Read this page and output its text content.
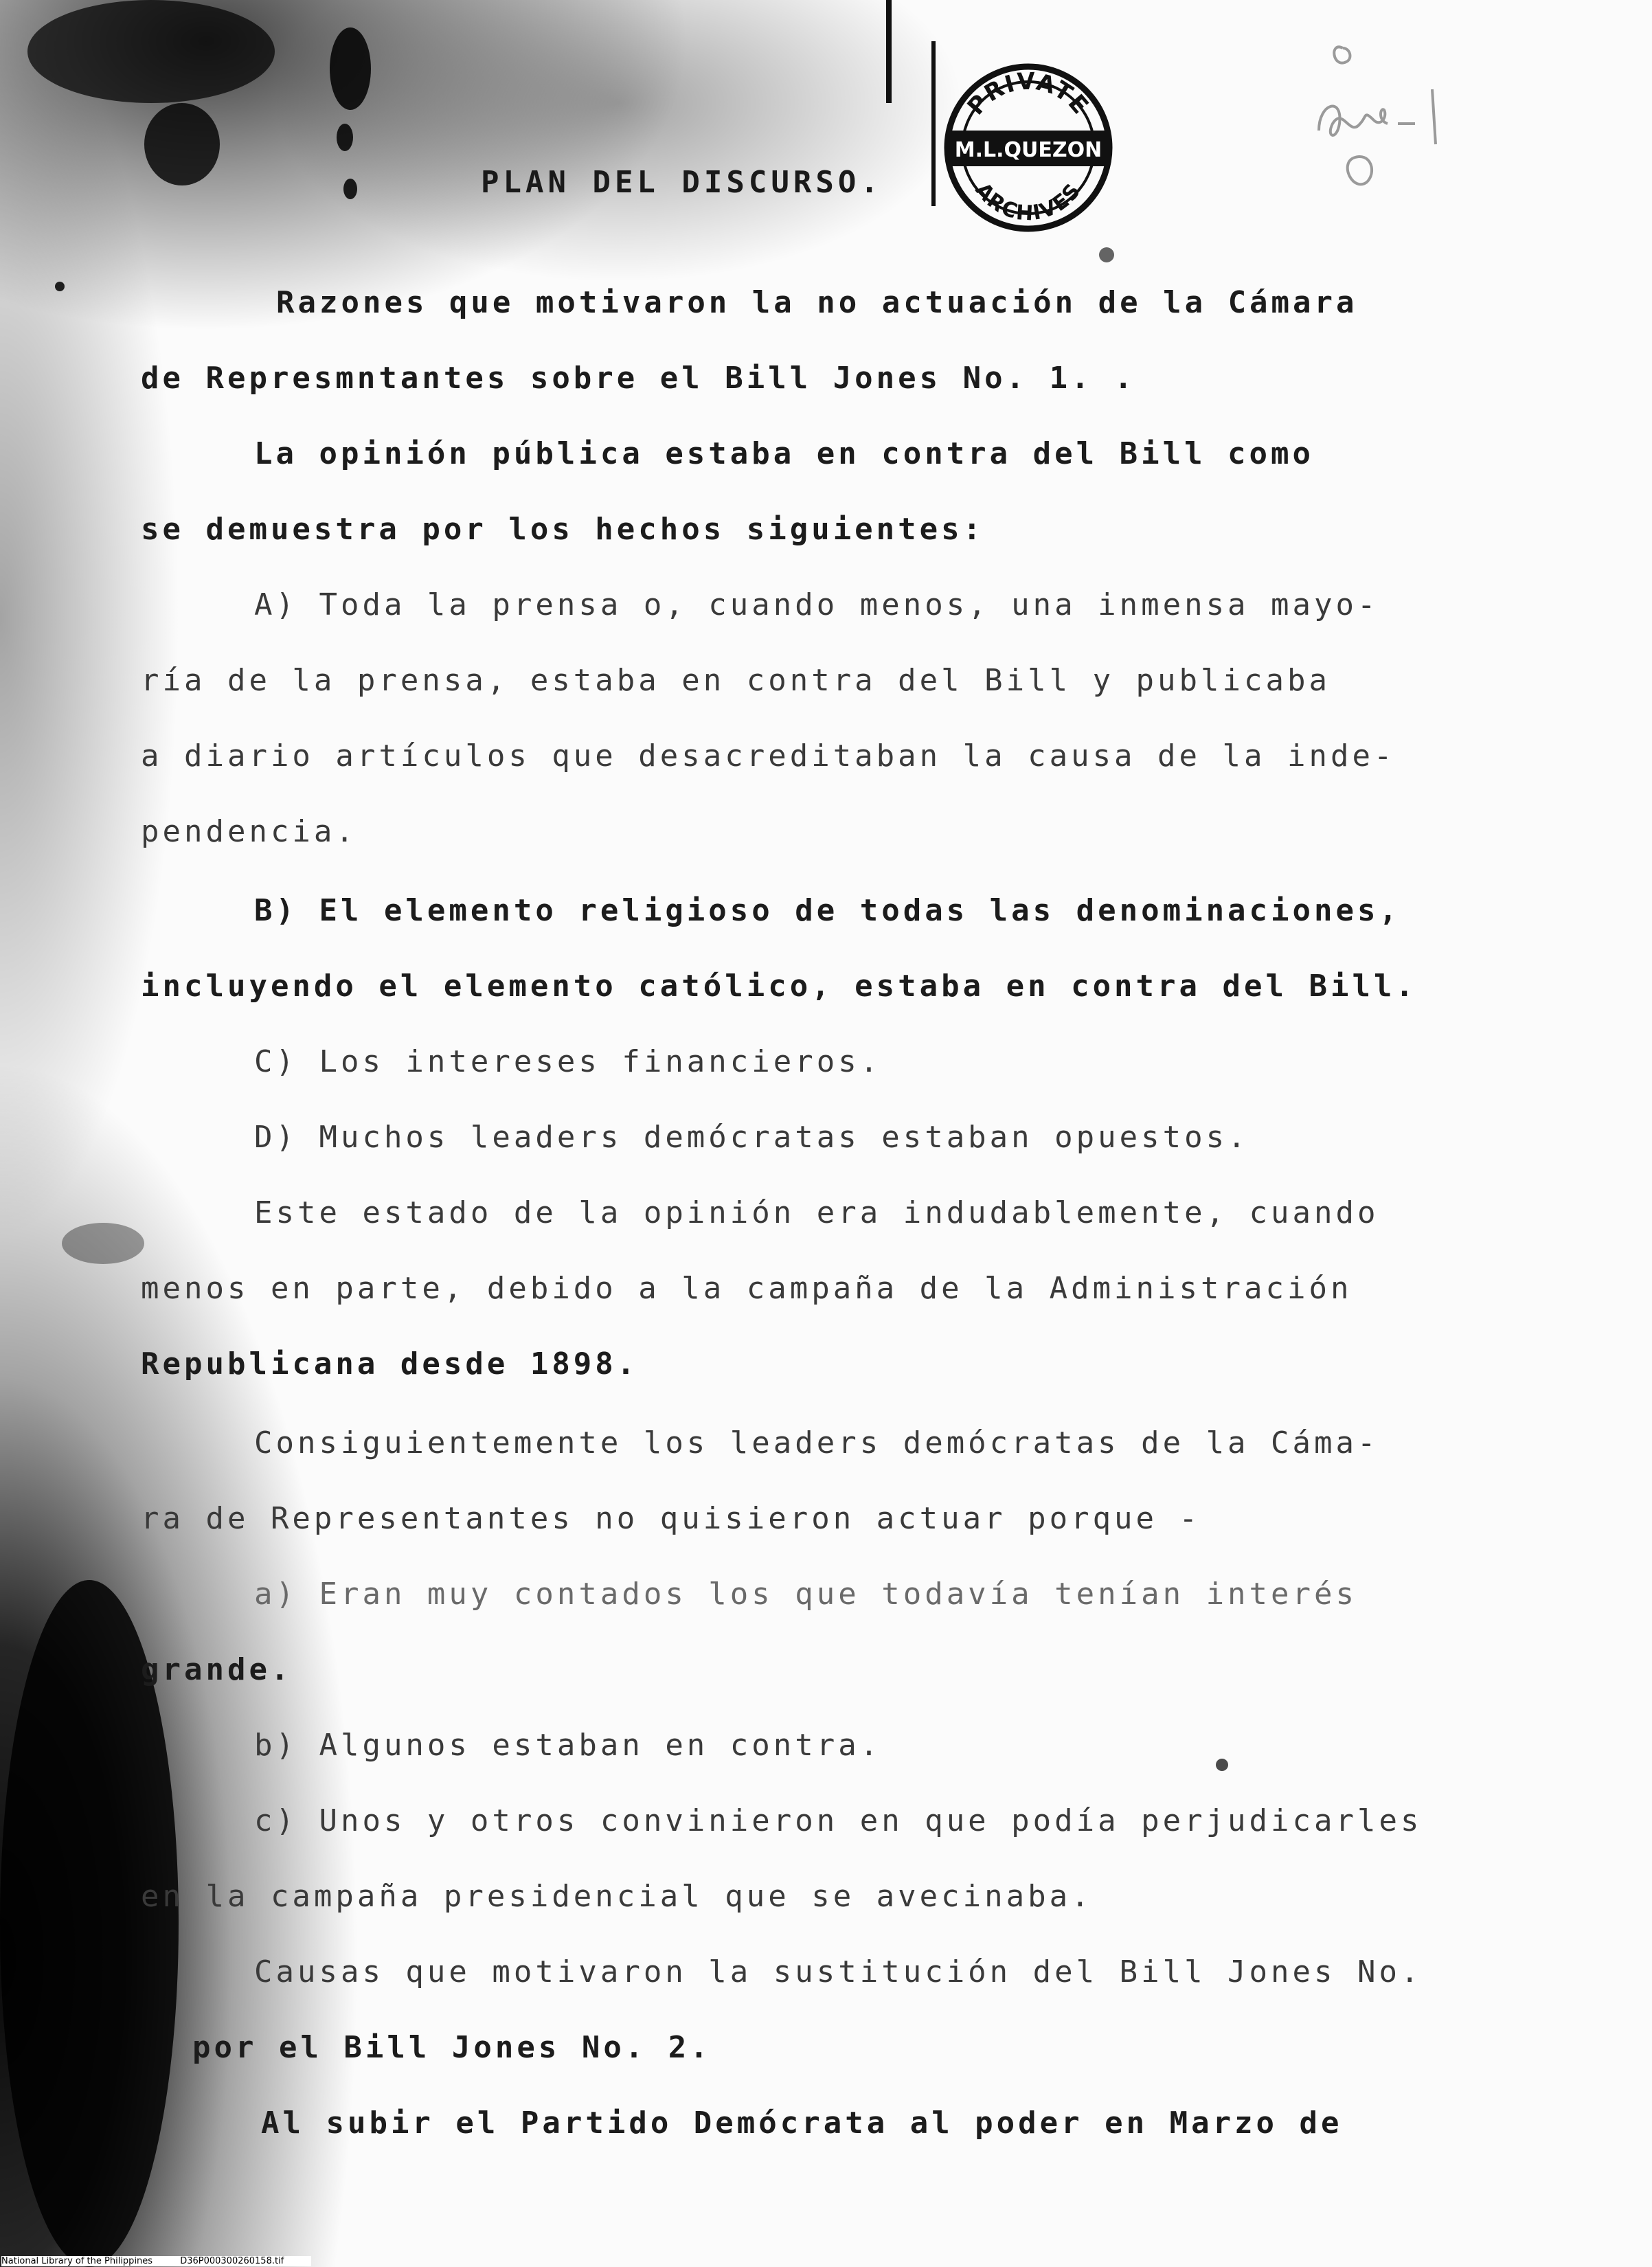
PRIVATE
M.L.QUEZON
ARCHIVES
PLAN DEL DISCURSO.
Razones que motivaron la no actuación de la Cámara
de Represmntantes sobre el Bill Jones No. 1. .
La opinión pública estaba en contra del Bill como
se demuestra por los hechos siguientes:
A) Toda la prensa o, cuando menos, una inmensa mayo-
ría de la prensa, estaba en contra del Bill y publicaba
a diario artículos que desacreditaban la causa de la inde-
pendencia.
B) El elemento religioso de todas las denominaciones,
incluyendo el elemento católico, estaba en contra del Bill.
C) Los intereses financieros.
D) Muchos leaders demócratas estaban opuestos.
Este estado de la opinión era indudablemente, cuando
menos en parte, debido a la campaña de la Administración
Republicana desde 1898.
Consiguientemente los leaders demócratas de la Cáma-
ra de Representantes no quisieron actuar porque -
a) Eran muy contados los que todavía tenían interés
grande.
b) Algunos estaban en contra.
c) Unos y otros convinieron en que podía perjudicarles
en la campaña presidencial que se avecinaba.
Causas que motivaron la sustitución del Bill Jones No.
por el Bill Jones No. 2.
Al subir el Partido Demócrata al poder en Marzo de
National Library of the Philippines	D36P000300260158.tif
